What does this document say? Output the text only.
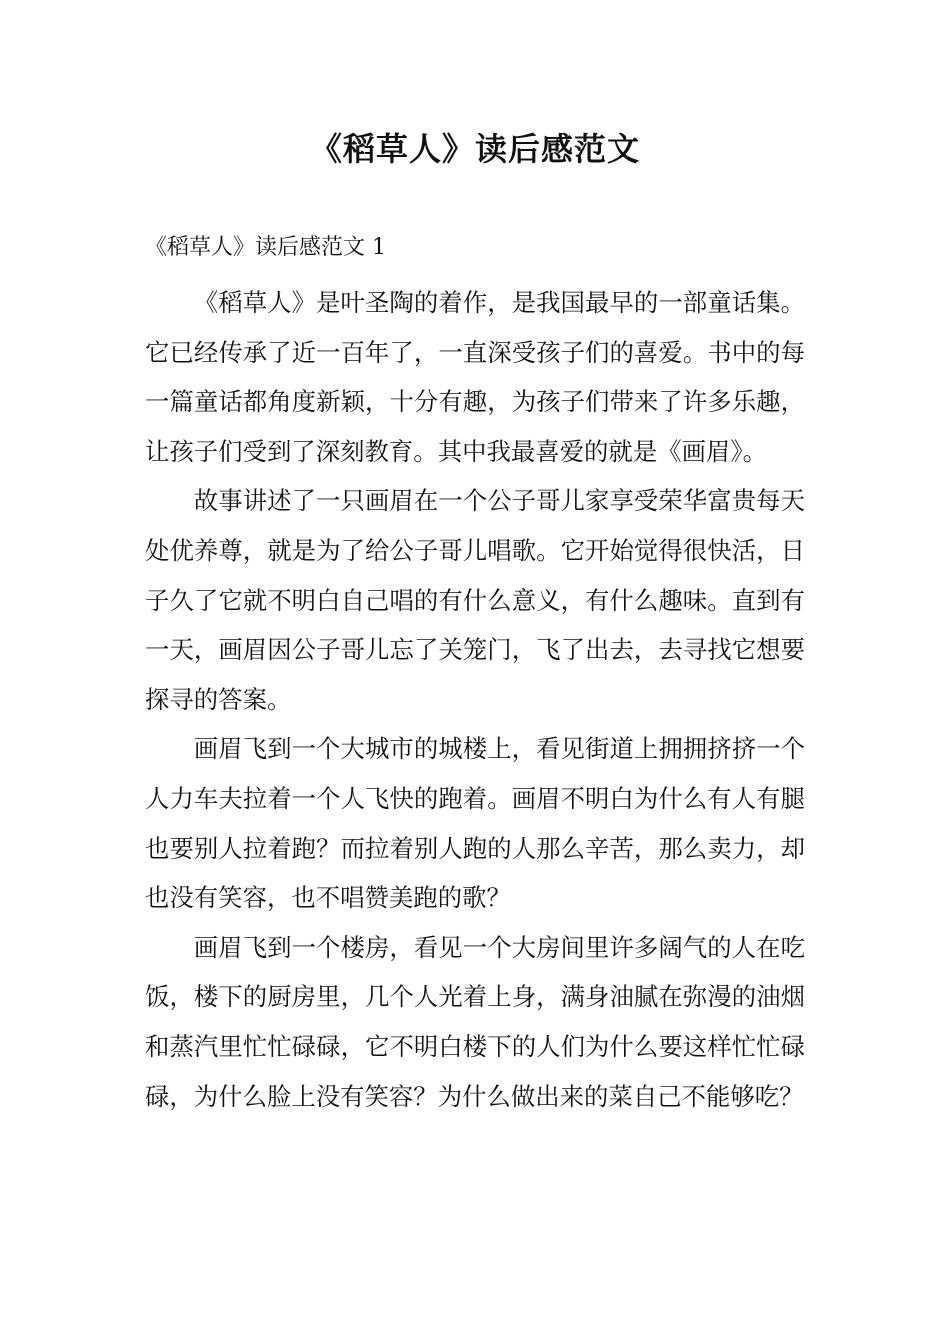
《稻草人》读后感范文

《稻草人》读后感范文 1

《稻草人》是叶圣陶的着作，是我国最早的一部童话集。它已经传承了近一百年了，一直深受孩子们的喜爱。书中的每一篇童话都角度新颖，十分有趣，为孩子们带来了许多乐趣，让孩子们受到了深刻教育。其中我最喜爱的就是《画眉》。

故事讲述了一只画眉在一个公子哥儿家享受荣华富贵每天处优养尊，就是为了给公子哥儿唱歌。它开始觉得很快活，日子久了它就不明白自己唱的有什么意义，有什么趣味。直到有一天，画眉因公子哥儿忘了关笼门，飞了出去，去寻找它想要探寻的答案。

画眉飞到一个大城市的城楼上，看见街道上拥拥挤挤一个人力车夫拉着一个人飞快的跑着。画眉不明白为什么有人有腿也要别人拉着跑？而拉着别人跑的人那么辛苦，那么卖力，却也没有笑容，也不唱赞美跑的歌？

画眉飞到一个楼房，看见一个大房间里许多阔气的人在吃饭，楼下的厨房里，几个人光着上身，满身油腻在弥漫的油烟和蒸汽里忙忙碌碌，它不明白楼下的人们为什么要这样忙忙碌碌，为什么脸上没有笑容？为什么做出来的菜自己不能够吃？
